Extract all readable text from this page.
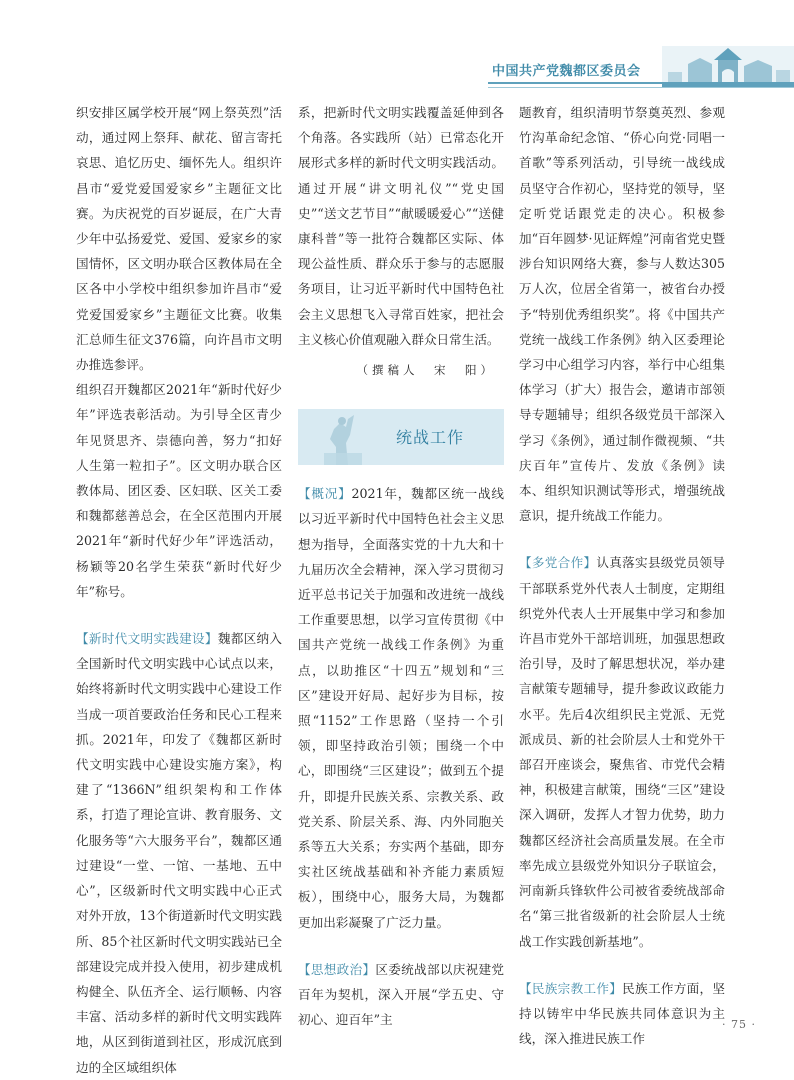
中国共产党魏都区委员会

织安排区属学校开展“网上祭英烈”活动，通过网上祭拜、献花、留言寄托哀思、追忆历史、缅怀先人。组织许昌市“爱党爱国爱家乡”主题征文比赛。为庆祝党的百岁诞辰，在广大青少年中弘扬爱党、爱国、爱家乡的家国情怀，区文明办联合区教体局在全区各中小学校中组织参加许昌市“爱党爱国爱家乡”主题征文比赛。收集汇总师生征文376篇，向许昌市文明办推选参评。

组织召开魏都区2021年“新时代好少年”评选表彰活动。为引导全区青少年见贤思齐、崇德向善，努力“扣好人生第一粒扣子”。区文明办联合区教体局、团区委、区妇联、区关工委和魏都慈善总会，在全区范围内开展2021年“新时代好少年”评选活动，杨颖等20名学生荣获“新时代好少年”称号。

【新时代文明实践建设】魏都区纳入全国新时代文明实践中心试点以来，始终将新时代文明实践中心建设工作当成一项首要政治任务和民心工程来抓。2021年，印发了《魏都区新时代文明实践中心建设实施方案》，构建了“1366N”组织架构和工作体系，打造了理论宣讲、教育服务、文化服务等“六大服务平台”，魏都区通过建设“一堂、一馆、一基地、五中心”，区级新时代文明实践中心正式对外开放，13个街道新时代文明实践所、85个社区新时代文明实践站已全部建设完成并投入使用，初步建成机构健全、队伍齐全、运行顺畅、内容丰富、活动多样的新时代文明实践阵地，从区到街道到社区，形成沉底到边的全区域组织体

系，把新时代文明实践覆盖延伸到各个角落。各实践所（站）已常态化开展形式多样的新时代文明实践活动。通过开展“讲文明礼仪”“党史国史”“送文艺节目”“献暖暖爱心”“送健康科普”等一批符合魏都区实际、体现公益性质、群众乐于参与的志愿服务项目，让习近平新时代中国特色社会主义思想飞入寻常百姓家，把社会主义核心价值观融入群众日常生活。

（撰稿人　宋　阳）
统战工作

【概况】2021年，魏都区统一战线以习近平新时代中国特色社会主义思想为指导，全面落实党的十九大和十九届历次全会精神，深入学习贯彻习近平总书记关于加强和改进统一战线工作重要思想，以学习宣传贯彻《中国共产党统一战线工作条例》为重点，以助推区“十四五”规划和“三区”建设开好局、起好步为目标，按照“1152”工作思路（坚持一个引领，即坚持政治引领；围绕一个中心，即围绕“三区建设”；做到五个提升，即提升民族关系、宗教关系、政党关系、阶层关系、海、内外同胞关系等五大关系；夯实两个基础，即夯实社区统战基础和补齐能力素质短板），围绕中心，服务大局，为魏都更加出彩凝聚了广泛力量。

【思想政治】区委统战部以庆祝建党百年为契机，深入开展“学五史、守初心、迎百年”主

题教育，组织清明节祭奠英烈、参观竹沟革命纪念馆、“侨心向党·同唱一首歌”等系列活动，引导统一战线成员坚守合作初心，坚持党的领导，坚定听党话跟党走的决心。积极参加“百年圆梦·见证辉煌”河南省党史暨涉台知识网络大赛，参与人数达305万人次，位居全省第一，被省台办授予“特别优秀组织奖”。将《中国共产党统一战线工作条例》纳入区委理论学习中心组学习内容，举行中心组集体学习（扩大）报告会，邀请市部领导专题辅导；组织各级党员干部深入学习《条例》，通过制作微视频、“共庆百年”宣传片、发放《条例》读本、组织知识测试等形式，增强统战意识，提升统战工作能力。

【多党合作】认真落实县级党员领导干部联系党外代表人士制度，定期组织党外代表人士开展集中学习和参加许昌市党外干部培训班，加强思想政治引导，及时了解思想状况，举办建言献策专题辅导，提升参政议政能力水平。先后4次组织民主党派、无党派成员、新的社会阶层人士和党外干部召开座谈会，聚焦省、市党代会精神，积极建言献策，围绕“三区”建设深入调研，发挥人才智力优势，助力魏都区经济社会高质量发展。在全市率先成立县级党外知识分子联谊会，河南新兵锋软件公司被省委统战部命名“第三批省级新的社会阶层人士统战工作实践创新基地”。

【民族宗教工作】民族工作方面，坚持以铸牢中华民族共同体意识为主线，深入推进民族工作

· 75 ·
